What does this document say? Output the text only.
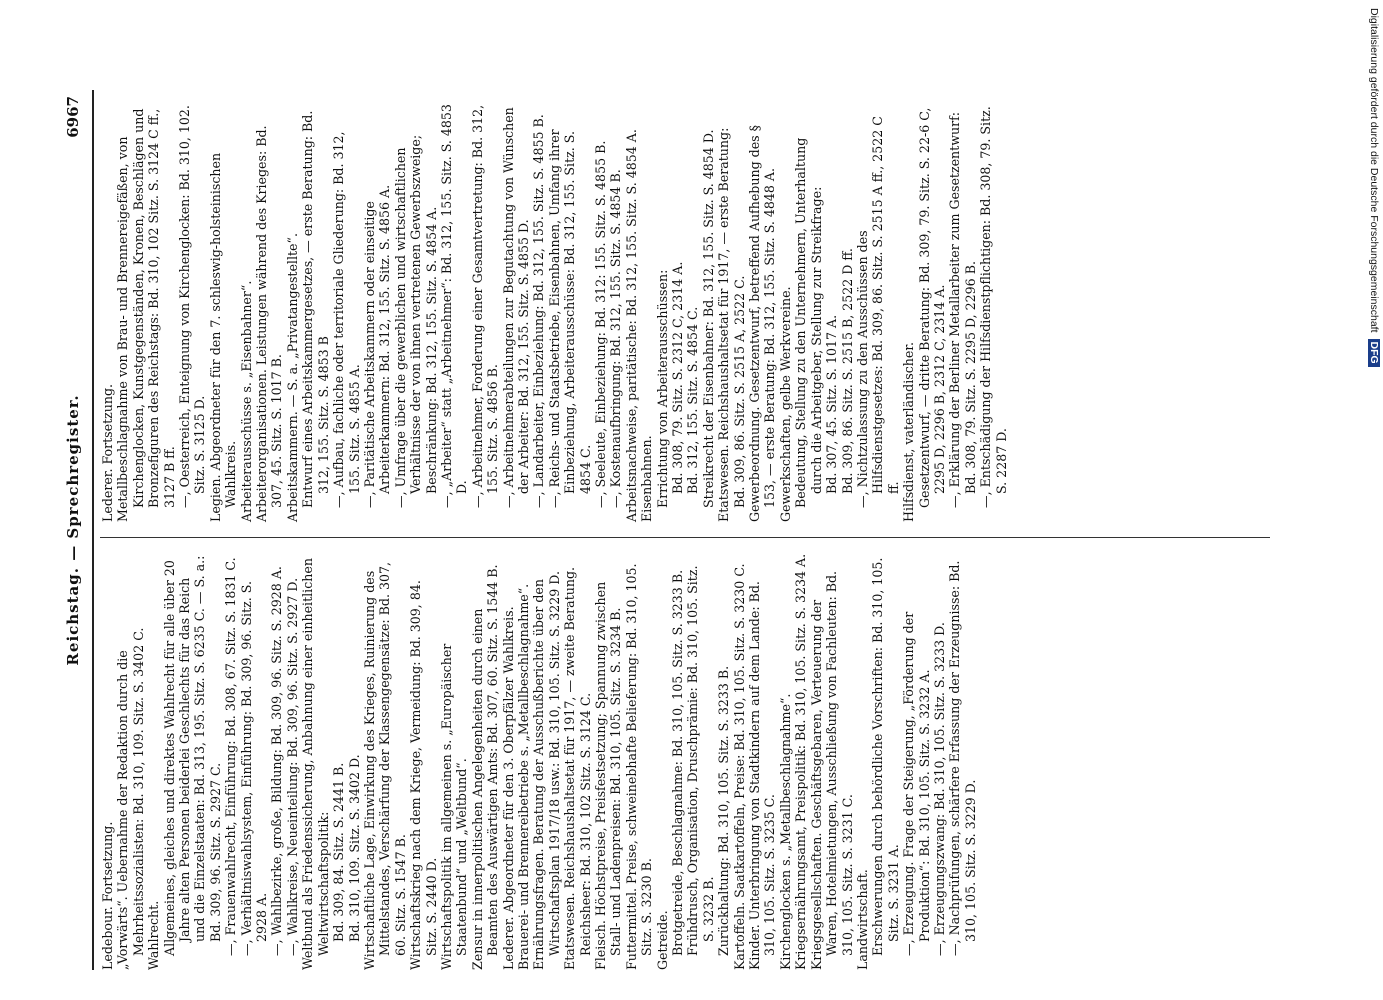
Digitalisierung gefördert durch die Deutsche ForschungsgemeinschaftDFG
Reichstag. — Sprechregister.
6967

Ledebour. Fortsetzung. „Vorwärts“. Uebernahme der Redaktion durch die Mehrheitssozialisten: Bd. 310, 109. Sitz. S. 3402 C. Wahlrecht. Allgemeines, gleiches und direktes Wahlrecht für alle über 20 Jahre alten Personen beiderlei Geschlechts für das Reich und die Einzelstaaten: Bd. 313, 195. Sitz. S. 6235 C. — S. a.: Bd. 309, 96. Sitz. S. 2927 C. —, Frauenwahlrecht, Einführung: Bd. 308, 67. Sitz. S. 1831 C. —, Verhältniswahlsystem, Einführung: Bd. 309, 96. Sitz. S. 2928 A. —, Wahlbezirke, große, Bildung: Bd. 309, 96. Sitz. S. 2928 A. —, Wahlkreise, Neueinteilung: Bd. 309, 96. Sitz. S. 2927 D. Weltbund als Friedenssicherung, Anbahnung einer einheitlichen Weltwirtschaftspolitik: Bd. 309, 84. Sitz. S. 2441 B. Bd. 310, 109. Sitz. S. 3402 D. Wirtschaftliche Lage, Einwirkung des Krieges, Ruinierung des Mittelstandes, Verschärfung der Klassengegensätze: Bd. 307, 60. Sitz. S. 1547 B. Wirtschaftskrieg nach dem Kriege, Vermeidung: Bd. 309, 84. Sitz. S. 2440 D. Wirtschaftspolitik im allgemeinen s. „Europäischer Staatenbund“ und „Weltbund“. Zensur in innerpolitischen Angelegenheiten durch einen Beamten des Auswärtigen Amts: Bd. 307, 60. Sitz. S. 1544 B. Lederer. Abgeordneter für den 3. Oberpfälzer Wahlkreis. Brauerei- und Brennereibetriebe s. „Metallbeschlagnahme“. Ernährungsfragen. Beratung der Ausschußberichte über den Wirtschaftsplan 1917/18 usw.: Bd. 310, 105. Sitz. S. 3229 D. Etatswesen. Reichshaushaltsetat für 1917, — zweite Beratung. Reichsheer: Bd. 310, 102 Sitz. S. 3124 C. Fleisch. Höchstpreise, Preisfestsetzung; Spannung zwischen Stall- und Ladenpreisen: Bd. 310, 105. Sitz. S. 3234 B. Futtermittel. Preise, schweinebhafte Belieferung: Bd. 310, 105. Sitz. S. 3230 B. Getreide. Brotgetreide, Beschlagnahme: Bd. 310, 105. Sitz. S. 3233 B. Frühdrusch, Organisation, Druschprämie: Bd. 310, 105. Sitz. S. 3232 B. Zurückhaltung: Bd. 310, 105. Sitz. S. 3233 B. Kartoffeln. Saatkartoffeln, Preise: Bd. 310, 105. Sitz. S. 3230 C. Kinder. Unterbringung von Stadtkindern auf dem Lande: Bd. 310, 105. Sitz. S. 3235 C. Kirchenglocken s. „Metallbeschlagnahme“. Kriegsernährungsamt, Preispolitik: Bd. 310, 105. Sitz. S. 3234 A. Kriegsgesellschaften. Geschäftsgebaren, Verteuerung der Waren, Hotelmietungen, Ausschließung von Fachleuten: Bd. 310, 105. Sitz. S. 3231 C. Landwirtschaft. Erschwerungen durch behördliche Vorschriften: Bd. 310, 105. Sitz. S. 3231 A. —, Erzeugung. Frage der Steigerung, „Förderung der Produktion“: Bd. 310, 105. Sitz. S. 3232 A. —, Erzeugungszwang: Bd. 310, 105. Sitz. S. 3233 D. —, Nachprüfungen, schärfere Erfassung der Erzeugnisse: Bd. 310, 105. Sitz. S. 3229 D.

Lederer. Fortsetzung. Metallbeschlagnahme von Brau- und Brennereigefäßen, von Kirchenglocken, Kunstgegenständen, Kronen, Beschlägen und Bronzefiguren des Reichstags: Bd. 310, 102 Sitz. S. 3124 C ff., 3127 B ff. —, Oesterreich, Enteignung von Kirchenglocken: Bd. 310, 102. Sitz. S. 3125 D. Legien. Abgeordneter für den 7. schleswig-holsteinischen Wahlkreis. Arbeiterausschüsse s. „Eisenbahner“. Arbeiterorganisationen. Leistungen während des Krieges: Bd. 307, 45. Sitz. S. 1017 B. Arbeitskammern. — S. a. „Privatangestellte“. Entwurf eines Arbeitskammergesetzes, — erste Beratung: Bd. 312, 155. Sitz. S. 4853 B —, Aufbau, fachliche oder territoriale Gliederung: Bd. 312, 155. Sitz. S. 4855 A. —, Paritätische Arbeitskammern oder einseitige Arbeiterkammern: Bd. 312, 155. Sitz. S. 4856 A. —, Umfrage über die gewerblichen und wirtschaftlichen Verhältnisse der von ihnen vertretenen Gewerbszweige; Beschränkung: Bd. 312, 155. Sitz. S. 4854 A. —, „Arbeiter“ statt „Arbeitnehmer“: Bd. 312, 155. Sitz. S. 4853 D. —, Arbeitnehmer, Forderung einer Gesamtvertretung: Bd. 312, 155. Sitz. S. 4856 B. —, Arbeitnehmerabteilungen zur Begutachtung von Wünschen der Arbeiter: Bd. 312, 155. Sitz. S. 4855 D. —, Landarbeiter, Einbeziehung: Bd. 312, 155. Sitz. S. 4855 B. —, Reichs- und Staatsbetriebe, Eisenbahnen, Umfang ihrer Einbeziehung, Arbeiterausschüsse: Bd. 312, 155. Sitz. S. 4854 C. —, Seeleute, Einbeziehung: Bd. 312: 155. Sitz. S. 4855 B. —, Kostenaufbringung: Bd. 312, 155. Sitz. S. 4854 B. Arbeitsnachweise, paritätische: Bd. 312, 155. Sitz. S. 4854 A. Eisenbahnen. Errichtung von Arbeiterausschüssen: Bd. 308, 79. Sitz. S. 2312 C, 2314 A. Bd. 312, 155. Sitz. S. 4854 C. Streikrecht der Eisenbahner: Bd. 312, 155. Sitz. S. 4854 D. Etatswesen. Reichshaushaltsetat für 1917, — erste Beratung: Bd. 309, 86. Sitz. S. 2515 A, 2522 C. Gewerbeordnung. Gesetzentwurf, betreffend Aufhebung des § 153, — erste Beratung: Bd. 312, 155. Sitz. S. 4848 A. Gewerkschaften, gelbe Werkvereine. Bedeutung, Stellung zu den Unternehmern, Unterhaltung durch die Arbeitgeber, Stellung zur Streikfrage: Bd. 307, 45. Sitz. S. 1017 A. Bd. 309, 86. Sitz. S. 2515 B, 2522 D ff. —, Nichtzulassung zu den Ausschüssen des Hilfsdienstgesetzes: Bd. 309, 86. Sitz. S. 2515 A ff., 2522 C ff. Hilfsdienst, vaterländischer. Gesetzentwurf, — dritte Beratung: Bd. 309, 79. Sitz. S. 22-6 C, 2295 D, 2296 B, 2312 C, 2314 A. —, Erklärung der Berliner Metallarbeiter zum Gesetzentwurf: Bd. 308, 79. Sitz. S. 2295 D, 2296 B. —, Entschädigung der Hilfsdienstpflichtigen: Bd. 308, 79. Sitz. S. 2287 D.
